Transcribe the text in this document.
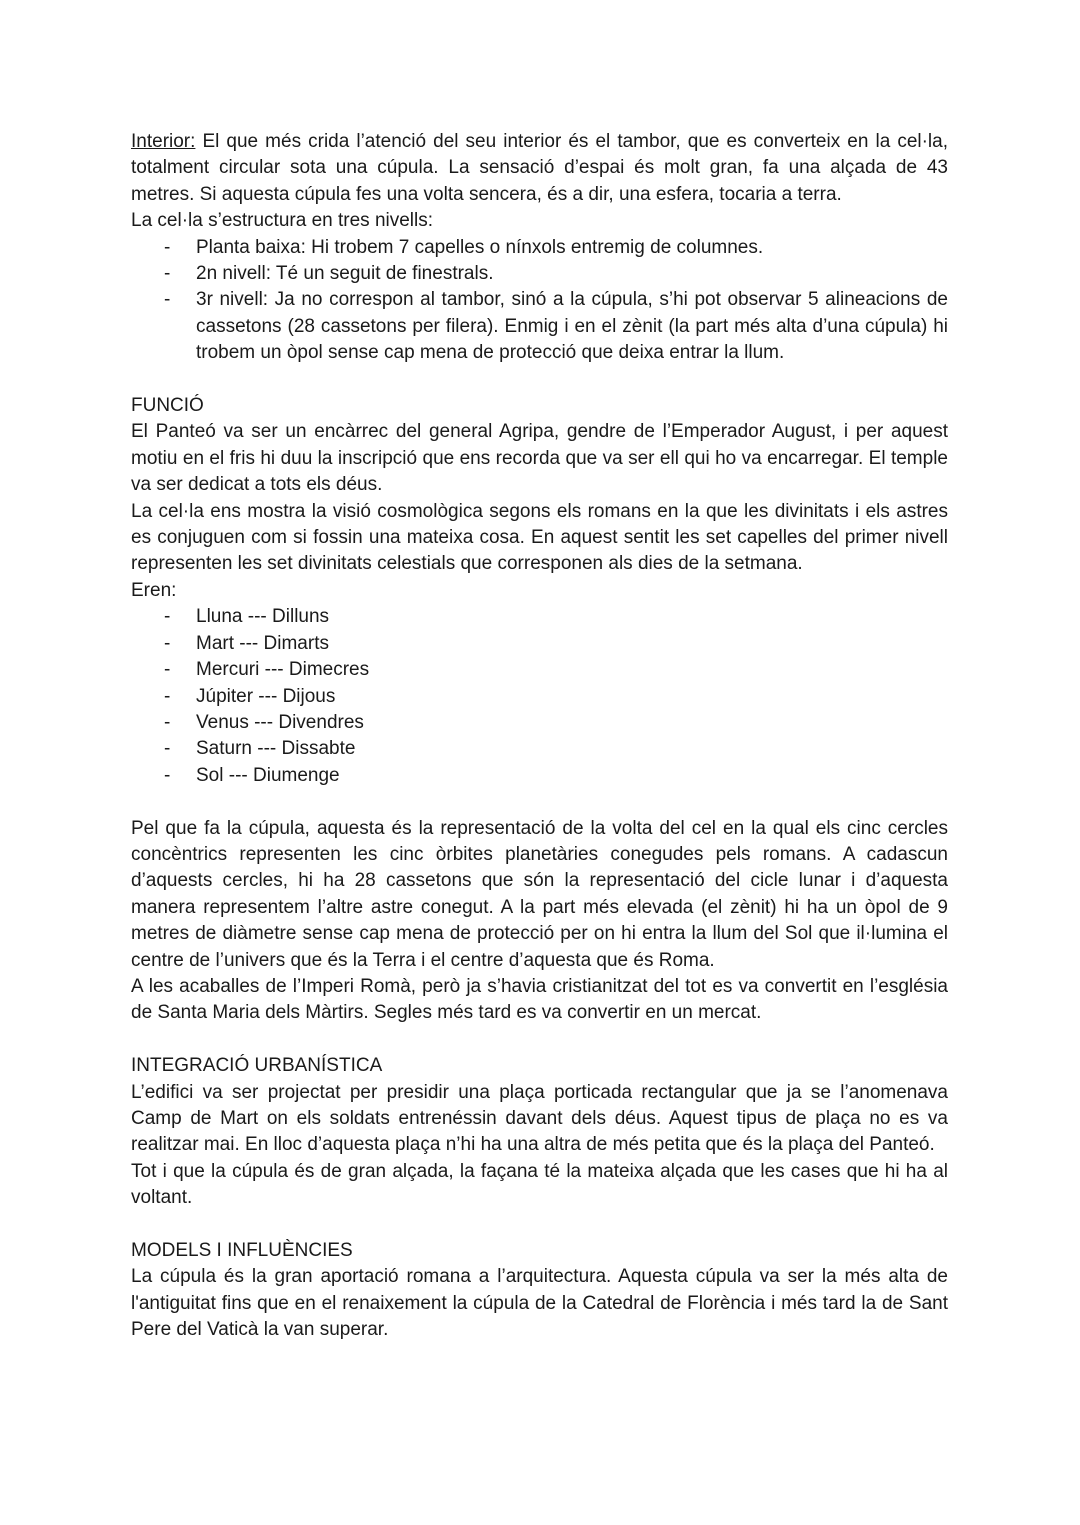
Interior: El que més crida l’atenció del seu interior és el tambor, que es converteix en la cel·la, totalment circular sota una cúpula. La sensació d’espai és molt gran, fa una alçada de 43 metres. Si aquesta cúpula fes una volta sencera, és a dir, una esfera, tocaria a terra.

La cel·la s’estructura en tres nivells:

- Planta baixa: Hi trobem 7 capelles o nínxols entremig de columnes.
- 2n nivell: Té un seguit de finestrals.
- 3r nivell: Ja no correspon al tambor, sinó a la cúpula, s’hi pot observar 5 alineacions de cassetons (28 cassetons per filera). Enmig i en el zènit (la part més alta d’una cúpula) hi trobem un òpol sense cap mena de protecció que deixa entrar la llum.

FUNCIÓ

El Panteó va ser un encàrrec del general Agripa, gendre de l’Emperador August, i per aquest motiu en el fris hi duu la inscripció que ens recorda que va ser ell qui ho va encarregar. El temple va ser dedicat a tots els déus.

La cel·la ens mostra la visió cosmològica segons els romans en la que les divinitats i els astres es conjuguen com si fossin una mateixa cosa. En aquest sentit les set capelles del primer nivell representen les set divinitats celestials que corresponen als dies de la setmana.

Eren:

- Lluna --- Dilluns
- Mart --- Dimarts
- Mercuri --- Dimecres
- Júpiter --- Dijous
- Venus --- Divendres
- Saturn --- Dissabte
- Sol --- Diumenge

Pel que fa la cúpula, aquesta és la representació de la volta del cel en la qual els cinc cercles concèntrics representen les cinc òrbites planetàries conegudes pels romans. A cadascun d’aquests cercles, hi ha 28 cassetons que són la representació del cicle lunar i d’aquesta manera representem l’altre astre conegut. A la part més elevada (el zènit) hi ha un òpol de 9 metres de diàmetre sense cap mena de protecció per on hi entra la llum del Sol que il·lumina el centre de l’univers que és la Terra i el centre d’aquesta que és Roma.

A les acaballes de l’Imperi Romà, però ja s’havia cristianitzat del tot es va convertit en l’església de Santa Maria dels Màrtirs. Segles més tard es va convertir en un mercat.

INTEGRACIÓ URBANÍSTICA

L’edifici va ser projectat per presidir una plaça porticada rectangular que ja se l’anomenava Camp de Mart on els soldats entrenéssin davant dels déus. Aquest tipus de plaça no es va realitzar mai. En lloc d’aquesta plaça n’hi ha una altra de més petita que és la plaça del Panteó.

Tot i que la cúpula és de gran alçada, la façana té la mateixa alçada que les cases que hi ha al voltant.

MODELS I INFLUÈNCIES

La cúpula és la gran aportació romana a l’arquitectura. Aquesta cúpula va ser la més alta de l'antiguitat fins que en el renaixement la cúpula de la Catedral de Florència i més tard la de Sant Pere del Vaticà la van superar.
